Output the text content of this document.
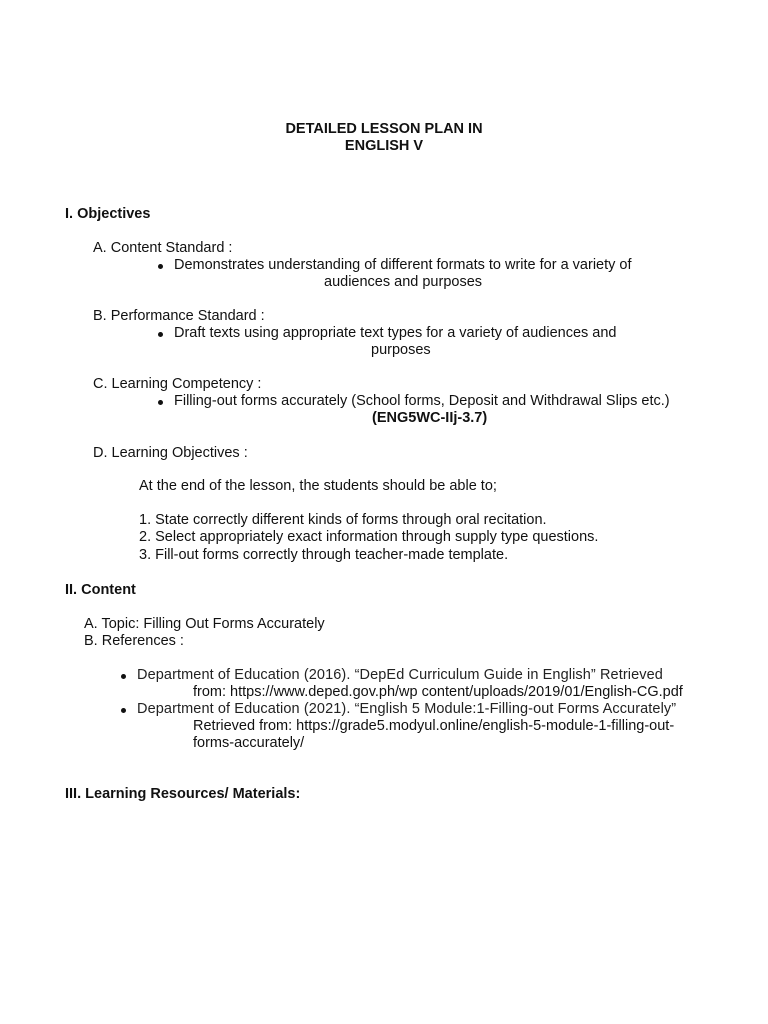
DETAILED LESSON PLAN IN
ENGLISH V
I. Objectives
A. Content Standard :
Demonstrates understanding of different formats to write for a variety of
audiences and purposes
B. Performance Standard :
Draft texts using appropriate text types for a variety of audiences and
purposes
C. Learning Competency :
Filling-out forms accurately (School forms, Deposit and Withdrawal Slips etc.)
(ENG5WC-IIj-3.7)
D. Learning Objectives :
At the end of the lesson, the students should be able to;
1. State correctly different kinds of forms through oral recitation.
2. Select appropriately exact information through supply type questions.
3. Fill-out forms correctly through teacher-made template.
II. Content
A. Topic: Filling Out Forms Accurately
B. References :
Department of Education (2016). “DepEd Curriculum Guide in English” Retrieved
from: https://www.deped.gov.ph/wp content/uploads/2019/01/English-CG.pdf
Department of Education (2021). “English 5 Module:1-Filling-out Forms Accurately”
Retrieved from: https://grade5.modyul.online/english-5-module-1-filling-out-
forms-accurately/
III. Learning Resources/ Materials:
